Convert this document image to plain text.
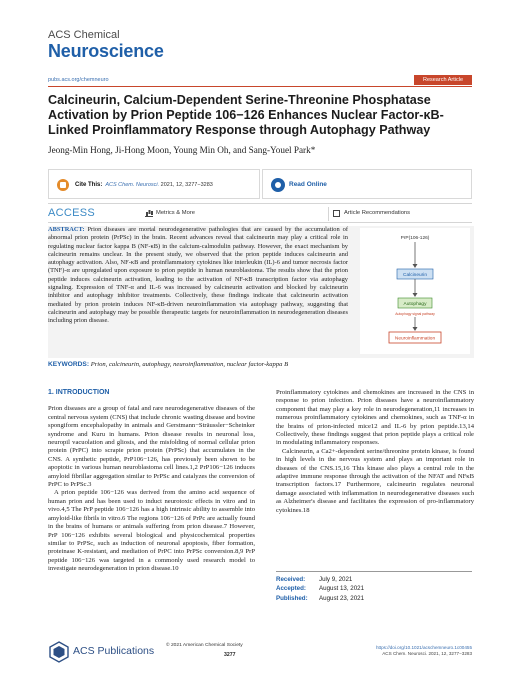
ACS Chemical
Neuroscience
pubs.acs.org/chemneuro	Research Article
Calcineurin, Calcium-Dependent Serine-Threonine Phosphatase Activation by Prion Peptide 106−126 Enhances Nuclear Factor-κB-Linked Proinflammatory Response through Autophagy Pathway
Jeong-Min Hong, Ji-Hong Moon, Young Min Oh, and Sang-Youel Park*
Cite This: ACS Chem. Neurosci. 2021, 12, 3277−3283	Read Online
ACCESS	Metrics & More	Article Recommendations
ABSTRACT: Prion diseases are mortal neurodegenerative pathologies that are caused by the accumulation of abnormal prion protein (PrPSc) in the brain. Recent advances reveal that calcineurin may play a critical role in regulating nuclear factor kappa B (NF-κB) in the calcium-calmodulin pathway. However, the exact mechanism by calcineurin remains unclear. In the present study, we observed that the prion peptide induces calcineurin and autophagy activation. Also, NF-κB and proinflammatory cytokines like interleukin (IL)-6 and tumor necrosis factor (TNF)-α are upregulated upon exposure to prion peptide in human neuroblastoma. The results show that the prion peptide induces calcineurin activation, leading to the activation of NF-κB transcription factor via autophagy signaling. Expression of TNF-α and IL-6 was increased by calcineurin activation and blocked by calcineurin inhibitor and autophagy inhibitor treatments. Collectively, these findings indicate that calcineurin activation mediated by prion protein induces NF-κB-driven neuroinflammation via autophagy pathway, suggesting that calcineurin and autophagy may be possible therapeutic targets for neuroinflammation in neurodegeneration diseases including prion disease.
PrP(106-126)
Calcineurin
Autophagy
Autophagy signal pathway
Neuroinflammation
KEYWORDS: Prion, calcineurin, autophagy, neuroinflammation, nuclear factor-kappa B
1. INTRODUCTION

Prion diseases are a group of fatal and rare neurodegenerative diseases of the central nervous system (CNS) that include chronic wasting disease and bovine spongiform encephalopathy in animals and Gerstmann−Sträussler−Scheinker syndrome and Kuru in humans. Prion disease results in neuronal loss, neuropil vacuolation and gliosis, and the misfolding of normal cellular prion protein (PrPC) into scrapie prion protein (PrPSc) that accumulates in the CNS. A synthetic peptide, PrP106−126, has previously been shown to be apoptotic in various human neuroblastoma cell lines.1,2 PrP106−126 induces amyloid fibrillar aggregation similar to PrPSc and catalyzes the conversion of PrPC to PrPSc.3

A prion peptide 106−126 was derived from the amino acid sequence of human prion and has been used to induct neurotoxic effects in vitro and in vivo.4,5 The PrP peptide 106−126 has a high intrinsic ability to assemble into amyloid-like fibrils in vitro.6 The regions 106−126 of PrPc are actually found in the brains of humans or animals suffering from prion disease.7 However, PrP 106−126 exhibits several biological and physicochemical properties similar to PrPSc, such as induction of neuronal apoptosis, fiber formation, proteinase K-resistant, and mediation of PrPC into PrPSc conversion.8,9 PrP peptide 106−126 was targeted in a commonly used research model to investigate neurodegeneration in prion disease.10

Proinflammatory cytokines and chemokines are increased in the CNS in response to prion infection. Prion diseases have a neuroinflammatory component that may play a key role in neurodegeneration,11 increases in numerous proinflammatory cytokines and chemokines, such as TNF-α in the brains of prion-infected mice12 and IL-6 by prion peptide.13,14 Collectively, these findings suggest that prion peptide plays a critical role in modulating inflammatory responses.

Calcineurin, a Ca2+-dependent serine/threonine protein kinase, is found in high levels in the nervous system and plays an important role in diseases of the CNS.15,16 This kinase also plays a central role in the adaptive immune response through the activation of the NFAT and NFκB transcription factors.17 Furthermore, calcineurin regulates neuronal damage associated with inflammation in neurodegenerative diseases such as Alzheimer's disease and facilitates the expression of pro-inflammatory cytokines.18

Received: July 9, 2021
Accepted: August 13, 2021
Published: August 23, 2021
ACS Publications © 2021 American Chemical Society
3277
https://doi.org/10.1021/acschemneuro.1c00455
ACS Chem. Neurosci. 2021, 12, 3277−3283
